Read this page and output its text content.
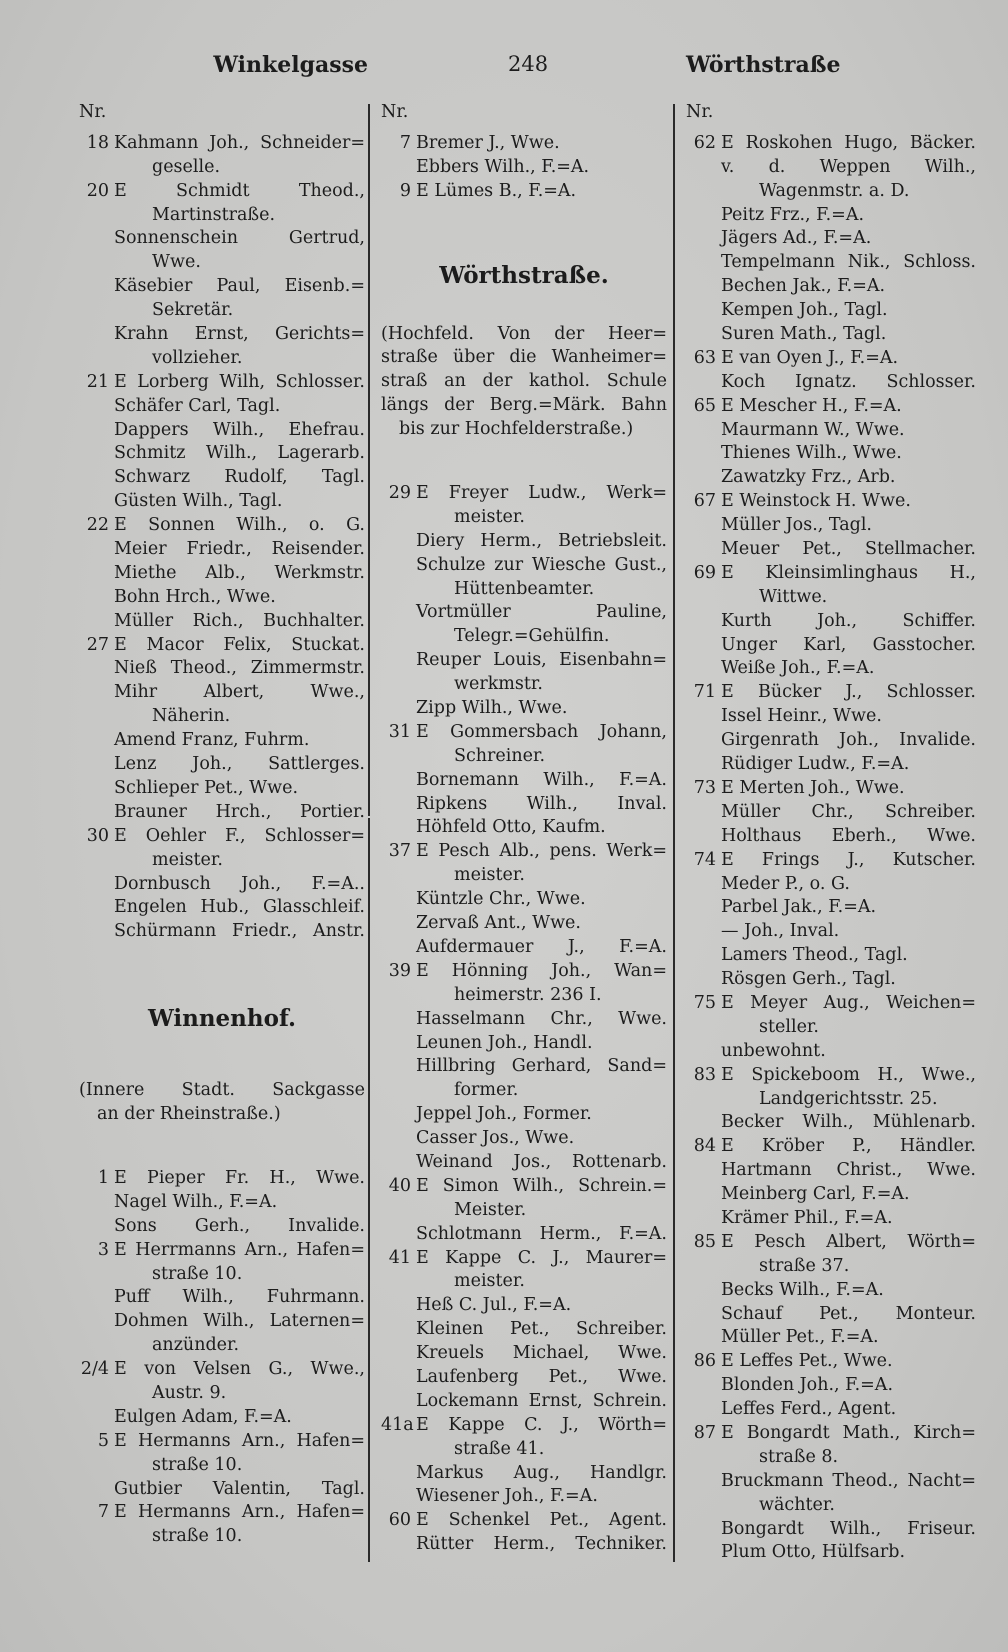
Winkelgasse	248	Wörthstraße
Nr.
18 Kahmann Joh., Schneider=
geselle.
20 E Schmidt Theod.,
Martinstraße.
Sonnenschein Gertrud,
Wwe.
Käsebier Paul, Eisenb.=
Sekretär.
Krahn Ernst, Gerichts=
vollzieher.
21 E Lorberg Wilh, Schlosser.
Schäfer Carl, Tagl.
Dappers Wilh., Ehefrau.
Schmitz Wilh., Lagerarb.
Schwarz Rudolf, Tagl.
Güsten Wilh., Tagl.
22 E Sonnen Wilh., o. G.
Meier Friedr., Reisender.
Miethe Alb., Werkmstr.
Bohn Hrch., Wwe.
Müller Rich., Buchhalter.
27 E Macor Felix, Stuckat.
Nieß Theod., Zimmermstr.
Mihr Albert, Wwe.,
Näherin.
Amend Franz, Fuhrm.
Lenz Joh., Sattlerges.
Schlieper Pet., Wwe.
Brauner Hrch., Portier.
30 E Oehler F., Schlosser=
meister.
Dornbusch Joh., F.=A..
Engelen Hub., Glasschleif.
Schürmann Friedr., Anstr.
Winnenhof.
(Innere Stadt. Sackgasse
an der Rheinstraße.)
1 E Pieper Fr. H., Wwe.
Nagel Wilh., F.=A.
Sons Gerh., Invalide.
3 E Herrmanns Arn., Hafen=
straße 10.
Puff Wilh., Fuhrmann.
Dohmen Wilh., Laternen=
anzünder.
2/4 E von Velsen G., Wwe.,
Austr. 9.
Eulgen Adam, F.=A.
5 E Hermanns Arn., Hafen=
straße 10.
Gutbier Valentin, Tagl.
7 E Hermanns Arn., Hafen=
straße 10.
Nr.
7 Bremer J., Wwe.
Ebbers Wilh., F.=A.
9 E Lümes B., F.=A.
Wörthstraße.
(Hochfeld. Von der Heer=
straße über die Wanheimer=
straß an der kathol. Schule
längs der Berg.=Märk. Bahn
bis zur Hochfelderstraße.)
29 E Freyer Ludw., Werk=
meister.
Diery Herm., Betriebsleit.
Schulze zur Wiesche Gust.,
Hüttenbeamter.
Vortmüller Pauline,
Telegr.=Gehülfin.
Reuper Louis, Eisenbahn=
werkmstr.
Zipp Wilh., Wwe.
31 E Gommersbach Johann,
Schreiner.
Bornemann Wilh., F.=A.
Ripkens Wilh., Inval.
Höhfeld Otto, Kaufm.
37 E Pesch Alb., pens. Werk=
meister.
Küntzle Chr., Wwe.
Zervaß Ant., Wwe.
Aufdermauer J., F.=A.
39 E Hönning Joh., Wan=
heimerstr. 236 I.
Hasselmann Chr., Wwe.
Leunen Joh., Handl.
Hillbring Gerhard, Sand=
former.
Jeppel Joh., Former.
Casser Jos., Wwe.
Weinand Jos., Rottenarb.
40 E Simon Wilh., Schrein.=
Meister.
Schlotmann Herm., F.=A.
41 E Kappe C. J., Maurer=
meister.
Heß C. Jul., F.=A.
Kleinen Pet., Schreiber.
Kreuels Michael, Wwe.
Laufenberg Pet., Wwe.
Lockemann Ernst, Schrein.
41a E Kappe C. J., Wörth=
straße 41.
Markus Aug., Handlgr.
Wiesener Joh., F.=A.
60 E Schenkel Pet., Agent.
Rütter Herm., Techniker.
Nr.
62 E Roskohen Hugo, Bäcker.
v. d. Weppen Wilh.,
Wagenmstr. a. D.
Peitz Frz., F.=A.
Jägers Ad., F.=A.
Tempelmann Nik., Schloss.
Bechen Jak., F.=A.
Kempen Joh., Tagl.
Suren Math., Tagl.
63 E van Oyen J., F.=A.
Koch Ignatz. Schlosser.
65 E Mescher H., F.=A.
Maurmann W., Wwe.
Thienes Wilh., Wwe.
Zawatzky Frz., Arb.
67 E Weinstock H. Wwe.
Müller Jos., Tagl.
Meuer Pet., Stellmacher.
69 E Kleinsimlinghaus H.,
Wittwe.
Kurth Joh., Schiffer.
Unger Karl, Gasstocher.
Weiße Joh., F.=A.
71 E Bücker J., Schlosser.
Issel Heinr., Wwe.
Girgenrath Joh., Invalide.
Rüdiger Ludw., F.=A.
73 E Merten Joh., Wwe.
Müller Chr., Schreiber.
Holthaus Eberh., Wwe.
74 E Frings J., Kutscher.
Meder P., o. G.
Parbel Jak., F.=A.
— Joh., Inval.
Lamers Theod., Tagl.
Rösgen Gerh., Tagl.
75 E Meyer Aug., Weichen=
steller.
unbewohnt.
83 E Spickeboom H., Wwe.,
Landgerichtsstr. 25.
Becker Wilh., Mühlenarb.
84 E Kröber P., Händler.
Hartmann Christ., Wwe.
Meinberg Carl, F.=A.
Krämer Phil., F.=A.
85 E Pesch Albert, Wörth=
straße 37.
Becks Wilh., F.=A.
Schauf Pet., Monteur.
Müller Pet., F.=A.
86 E Leffes Pet., Wwe.
Blonden Joh., F.=A.
Leffes Ferd., Agent.
87 E Bongardt Math., Kirch=
straße 8.
Bruckmann Theod., Nacht=
wächter.
Bongardt Wilh., Friseur.
Plum Otto, Hülfsarb.
